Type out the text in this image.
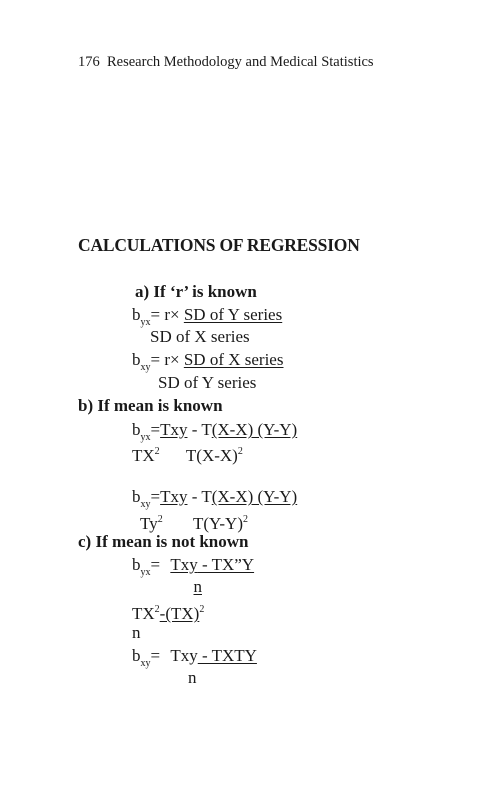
176 Research Methodology and Medical Statistics
CALCULATIONS OF REGRESSION
a) If ‘r’ is known
$b_{yx}= r\times$ SD of Y series
SD of X series
$b_{xy}= r\times$ SD of X series
SD of Y series
b) If mean is known
$b_{yx}=Txy - T(X-X)$ (Y-Y)
$TX^2$ $T(X-X)^2$
$b_{xy}=Txy - T(X-X)$ (Y-Y)
Ty$^2$ $T(Y-Y)^2$
c) If mean is not known
$b_{yx}=$ Txy - TX”Y
n
$TX^2-(TX)^2$
n
$b_{xy}=$ Txy - TXTY
n
